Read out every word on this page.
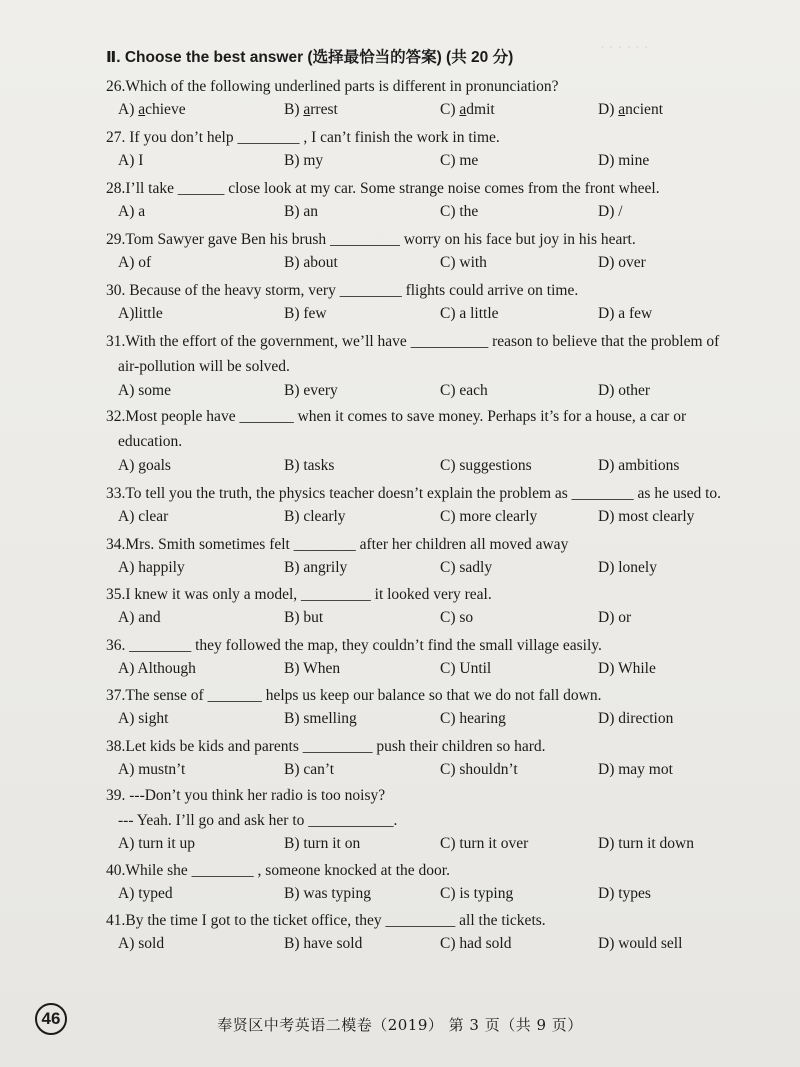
· · · · · ·
Ⅱ. Choose the best answer (选择最恰当的答案) (共 20 分)
26.Which of the following underlined parts is different in pronunciation?
A) achieve	B) arrest	C) admit	D) ancient
27. If you don’t help ________ , I can’t finish the work in time.
A) I	B) my	C) me	D) mine
28.I’ll take ______ close look at my car. Some strange noise comes from the front wheel.
A) a	B) an	C) the	D) /
29.Tom Sawyer gave Ben his brush _________ worry on his face but joy in his heart.
A) of	B) about	C) with	D) over
30. Because of the heavy storm, very ________ flights could arrive on time.
A)little	B) few	C) a little	D) a few
31.With the effort of the government, we’ll have __________ reason to believe that the problem of
air-pollution will be solved.
A) some	B) every	C) each	D) other
32.Most people have _______ when it comes to save money. Perhaps it’s for a house, a car or
education.
A) goals	B) tasks	C) suggestions	D) ambitions
33.To tell you the truth, the physics teacher doesn’t explain the problem as ________ as he used to.
A) clear	B) clearly	C) more clearly	D) most clearly
34.Mrs. Smith sometimes felt ________ after her children all moved away
A) happily	B) angrily	C) sadly	D) lonely
35.I knew it was only a model, _________ it looked very real.
A) and	B) but	C) so	D) or
36. ________ they followed the map, they couldn’t find the small village easily.
A) Although	B) When	C) Until	D) While
37.The sense of _______ helps us keep our balance so that we do not fall down.
A) sight	B) smelling	C) hearing	D) direction
38.Let kids be kids and parents _________ push their children so hard.
A) mustn’t	B) can’t	C) shouldn’t	D) may mot
39. ---Don’t you think her radio is too noisy?
--- Yeah. I’ll go and ask her to ___________.
A) turn it up	B) turn it on	C) turn it over	D) turn it down
40.While she ________ , someone knocked at the door.
A) typed	B) was typing	C) is typing	D) types
41.By the time I got to the ticket office, they _________ all the tickets.
A) sold	B) have sold	C) had sold	D) would sell
46	奉贤区中考英语二模卷（2019） 第 3 页（共 9 页）
